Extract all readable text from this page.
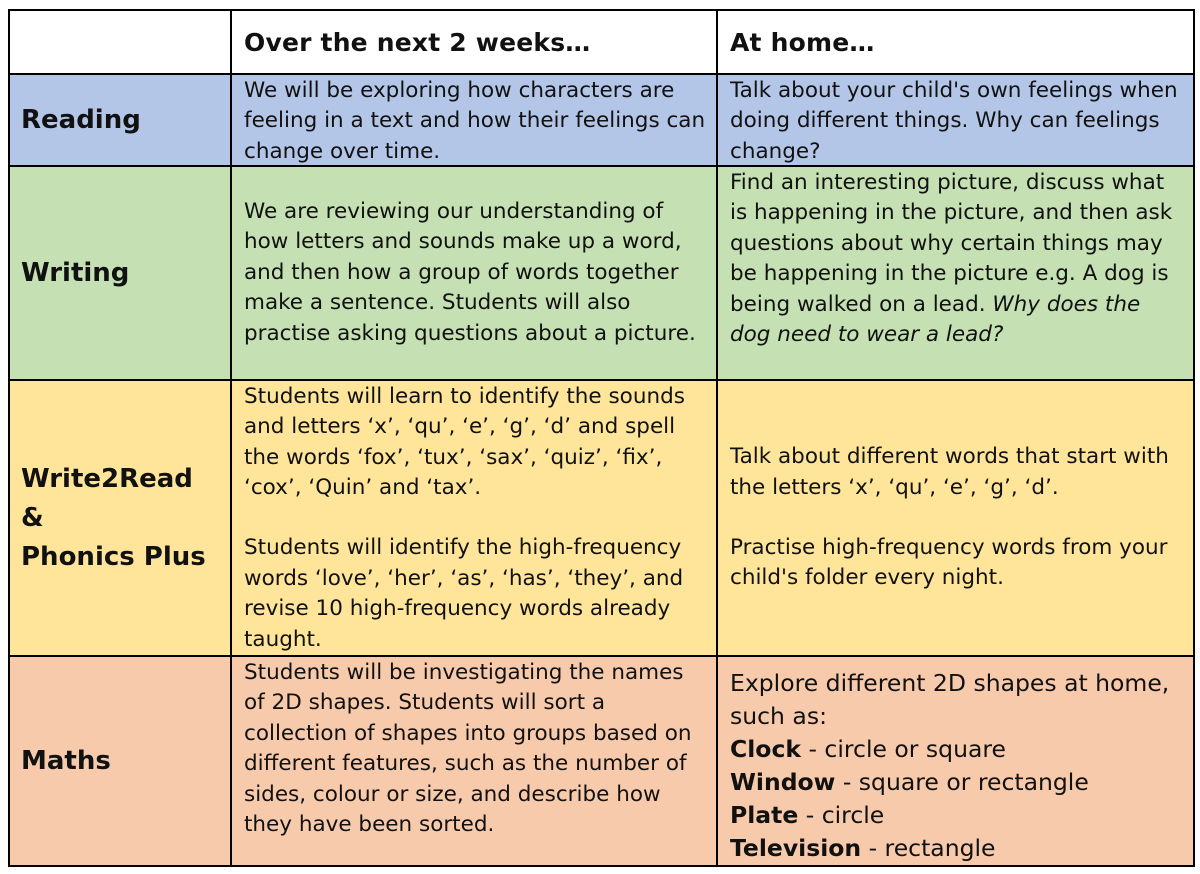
Over the next 2 weeks…	At home…
Reading

We will be exploring how characters are feeling in a text and how their feelings can change over time.

Talk about your child's own feelings when doing different things. Why can feelings change?

Writing

We are reviewing our understanding of how letters and sounds make up a word, and then how a group of words together make a sentence. Students will also practise asking questions about a picture.

Find an interesting picture, discuss what is happening in the picture, and then ask questions about why certain things may be happening in the picture e.g. A dog is being walked on a lead. Why does the dog need to wear a lead?

Write2Read
&
Phonics Plus

Students will learn to identify the sounds and letters ‘x’, ‘qu’, ‘e’, ‘g’, ‘d’ and spell the words ‘fox’, ‘tux’, ‘sax’, ‘quiz’, ‘fix’, ‘cox’, ‘Quin’ and ‘tax’.

Students will identify the high-frequency words ‘love’, ‘her’, ‘as’, ‘has’, ‘they’, and revise 10 high-frequency words already taught.

Talk about different words that start with the letters ‘x’, ‘qu’, ‘e’, ‘g’, ‘d’.

Practise high-frequency words from your child's folder every night.

Maths

Students will be investigating the names of 2D shapes. Students will sort a collection of shapes into groups based on different features, such as the number of sides, colour or size, and describe how they have been sorted.

Explore different 2D shapes at home, such as:

Clock - circle or square
Window - square or rectangle
Plate - circle
Television - rectangle
